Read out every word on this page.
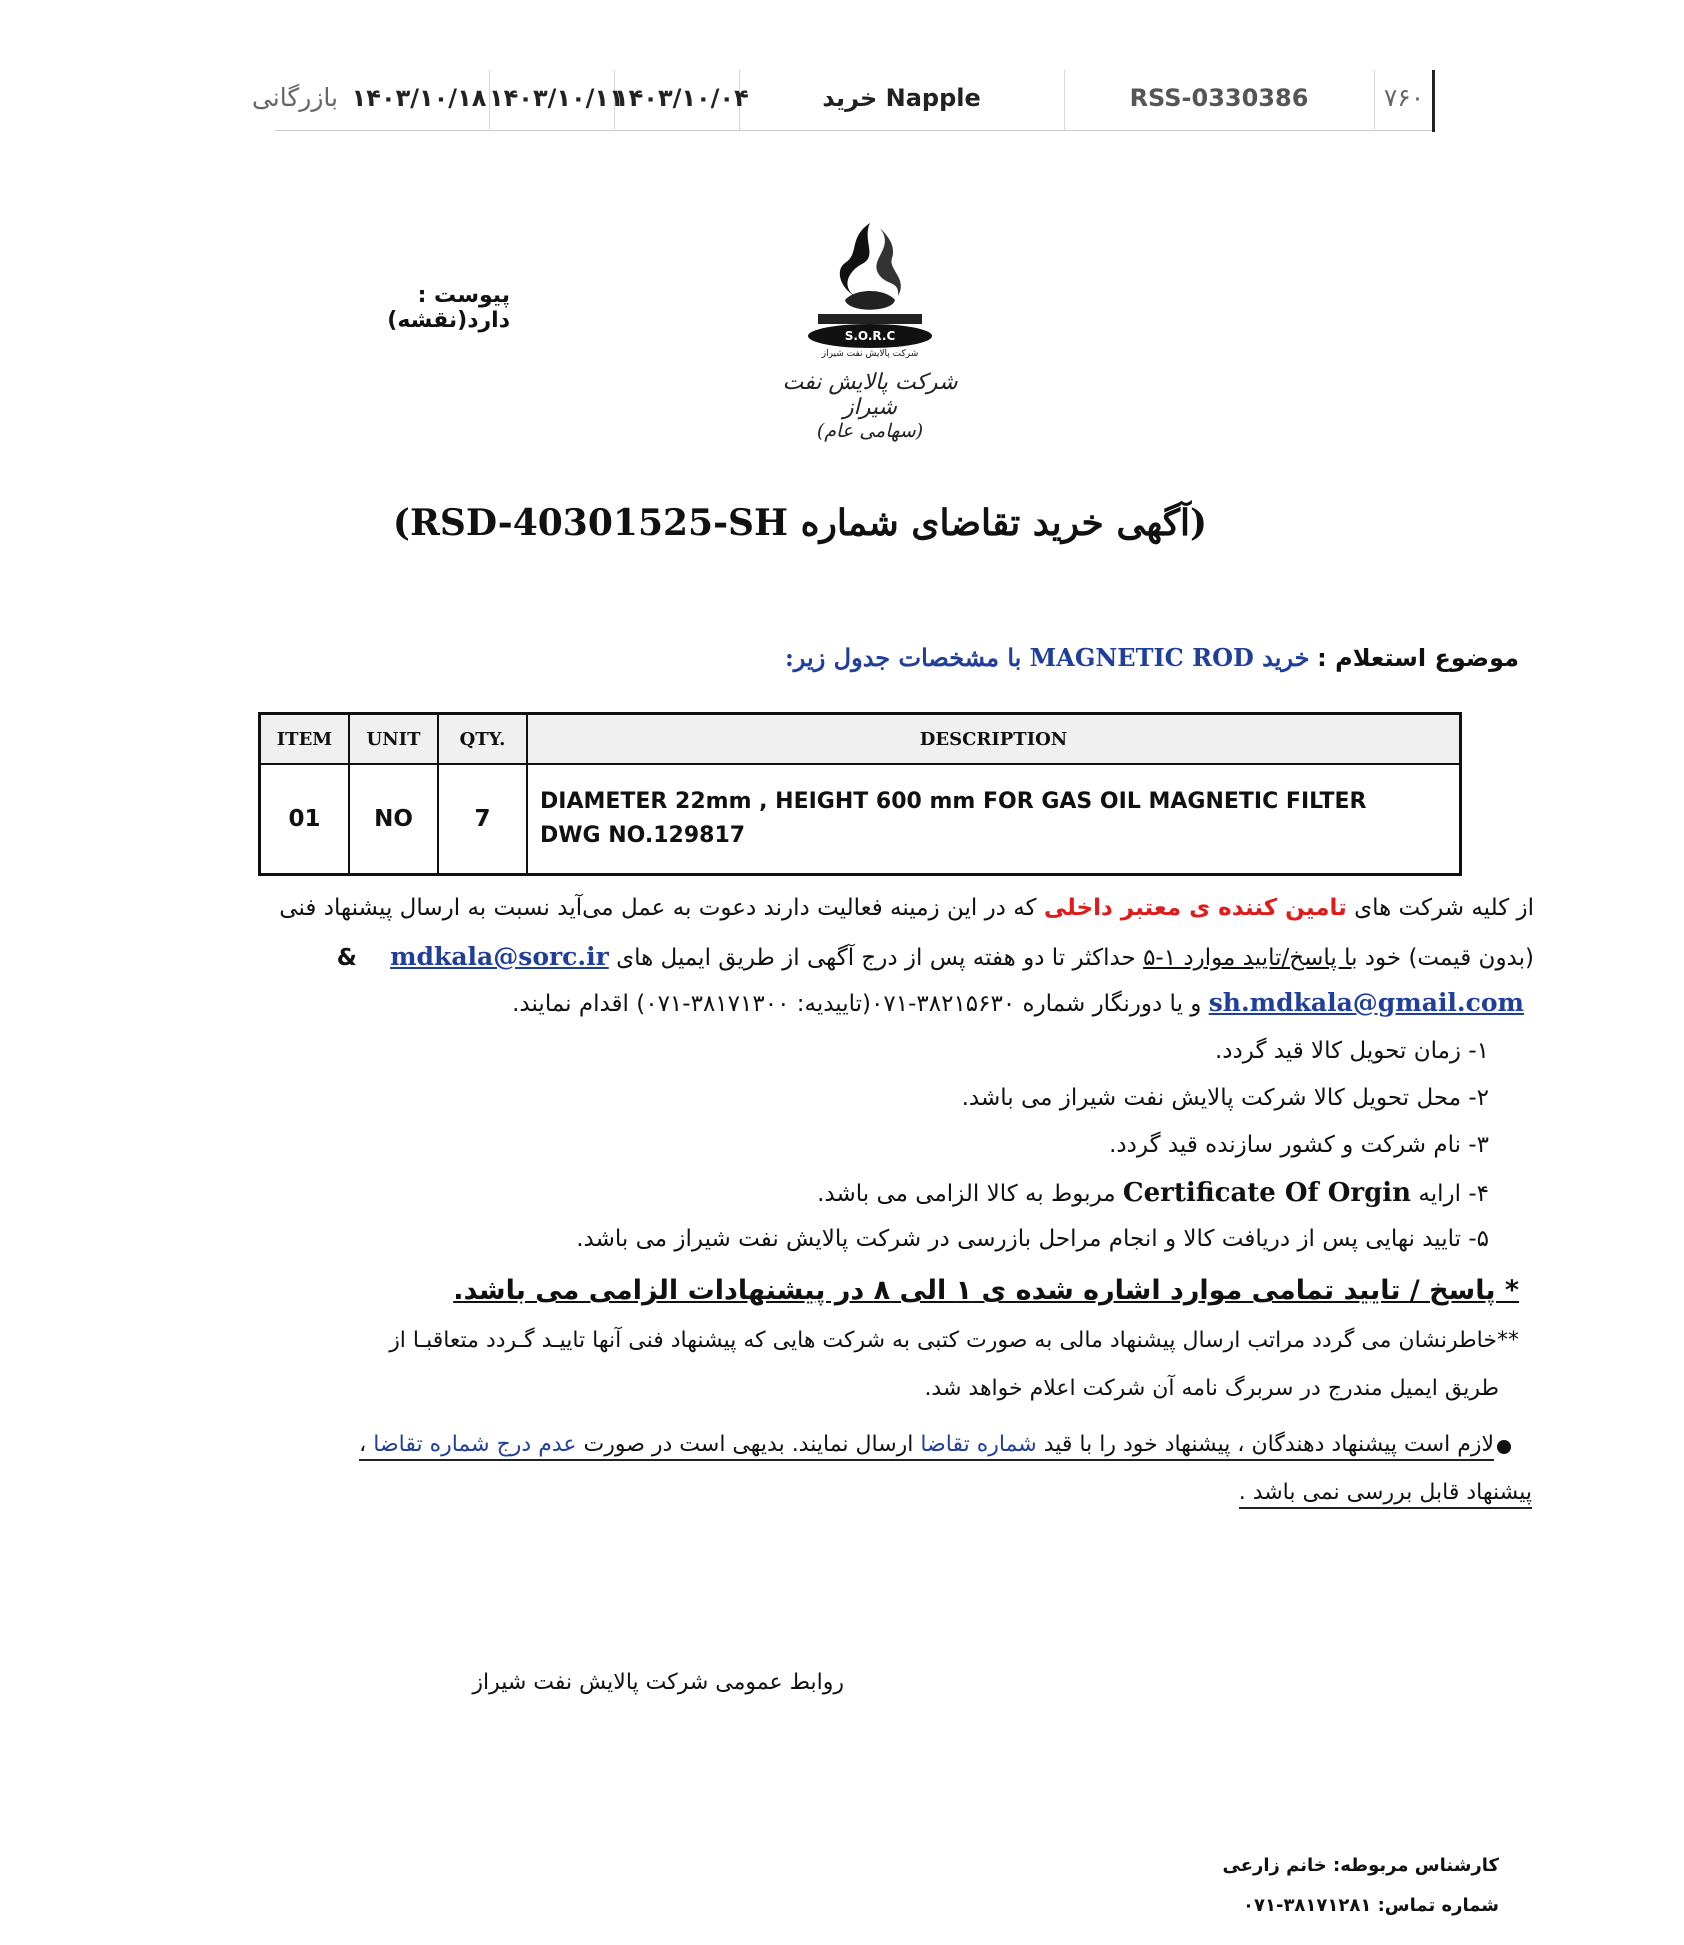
۷۶۰
RSS-0330386
خرید Napple
۱۴۰۳/۱۰/۰۴
۱۴۰۳/۱۰/۱۱
۱۴۰۳/۱۰/۱۸
بازرگانی
پیوست : دارد(نقشه)
S.O.R.C
شرکت پالایش نفت شیراز
شرکت پالایش نفت شیراز
(سهامی عام)
(آگهی خرید تقاضای شماره RSD-40301525-SH)
موضوع استعلام : خرید MAGNETIC ROD با مشخصات جدول زیر:
ITEM	UNIT	QTY.	DESCRIPTION
01	NO	7	DIAMETER 22mm , HEIGHT 600 mm FOR GAS OIL MAGNETIC FILTER
DWG NO.129817
از کلیه شرکت های تامین کننده ی معتبر داخلی که در این زمینه فعالیت دارند دعوت به عمل می‌آید نسبت به ارسال پیشنهاد فنی
(بدون قیمت) خود با پاسخ/تایید موارد ۱-۵ حداکثر تا دو هفته پس از درج آگهی از طریق ایمیل های mdkala@sorc.ir &
sh.mdkala@gmail.com و یا دورنگار شماره ۳۸۲۱۵۶۳۰-۰۷۱(تاییدیه: ۳۸۱۷۱۳۰۰-۰۷۱) اقدام نمایند.
۱- زمان تحویل کالا قید گردد.
۲- محل تحویل کالا شرکت پالایش نفت شیراز می باشد.
۳- نام شرکت و کشور سازنده قید گردد.
۴- ارایه Certificate Of Orgin مربوط به کالا الزامی می باشد.
۵- تایید نهایی پس از دریافت کالا و انجام مراحل بازرسی در شرکت پالایش نفت شیراز می باشد.
* پاسخ / تایید تمامی موارد اشاره شده ی ۱ الی ۸ در پیشنهادات الزامی می باشد.
**خاطرنشان می گردد مراتب ارسال پیشنهاد مالی به صورت کتبی به شرکت هایی که پیشنهاد فنی آنها تاییـد گـردد متعاقبـا از
طریق ایمیل مندرج در سربرگ نامه آن شرکت اعلام خواهد شد.
لازم است پیشنهاد دهندگان ، پیشنهاد خود را با قید شماره تقاضا ارسال نمایند. بدیهی است در صورت عدم درج شماره تقاضا ،
پیشنهاد قابل بررسی نمی باشد .
روابط عمومی شرکت پالایش نفت شیراز
کارشناس مربوطه: خانم زارعی
شماره تماس: ۳۸۱۷۱۲۸۱-۰۷۱
